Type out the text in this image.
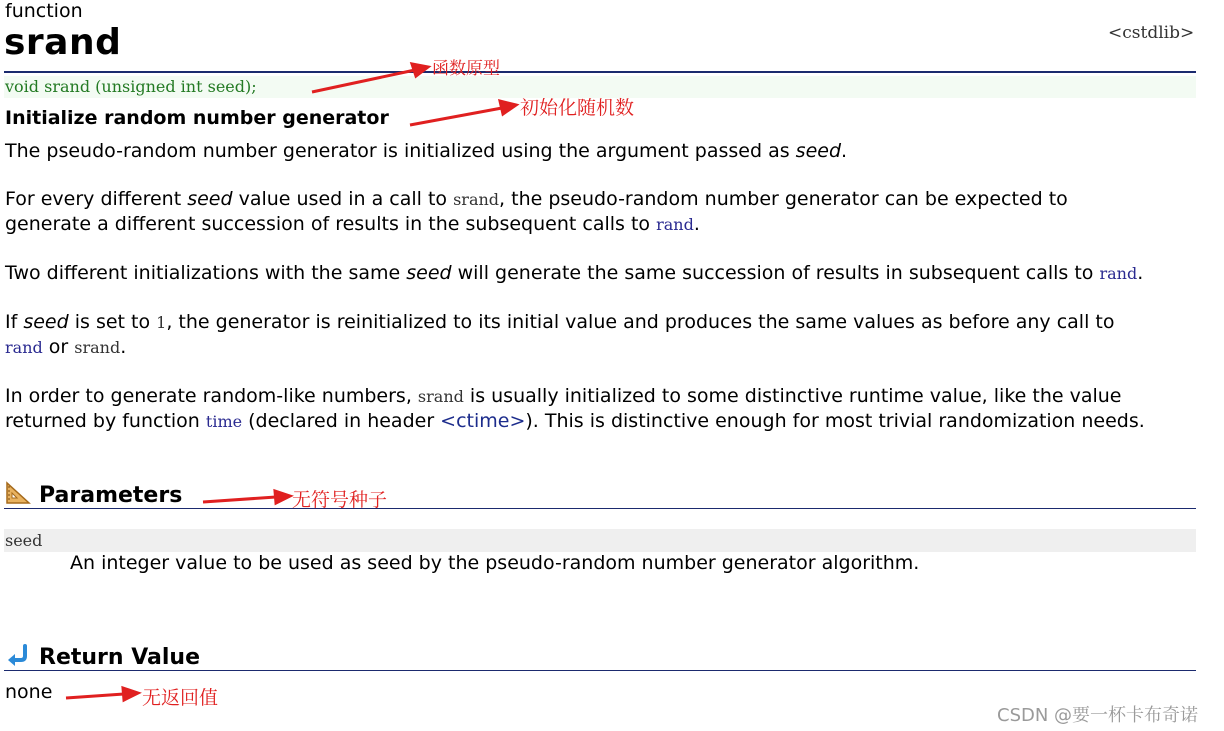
function
srand	<cstdlib>
void srand (unsigned int seed);
Initialize random number generator
The pseudo-random number generator is initialized using the argument passed as seed.
For every different seed value used in a call to srand, the pseudo-random number generator can be expected to
generate a different succession of results in the subsequent calls to rand.
Two different initializations with the same seed will generate the same succession of results in subsequent calls to rand.
If seed is set to 1, the generator is reinitialized to its initial value and produces the same values as before any call to
rand or srand.
In order to generate random-like numbers, srand is usually initialized to some distinctive runtime value, like the value
returned by function time (declared in header <ctime>). This is distinctive enough for most trivial randomization needs.
Parameters
seed
An integer value to be used as seed by the pseudo-random number generator algorithm.
Return Value
none
函数原型
初始化随机数
无符号种子
无返回值
CSDN @要一杯卡布奇诺
